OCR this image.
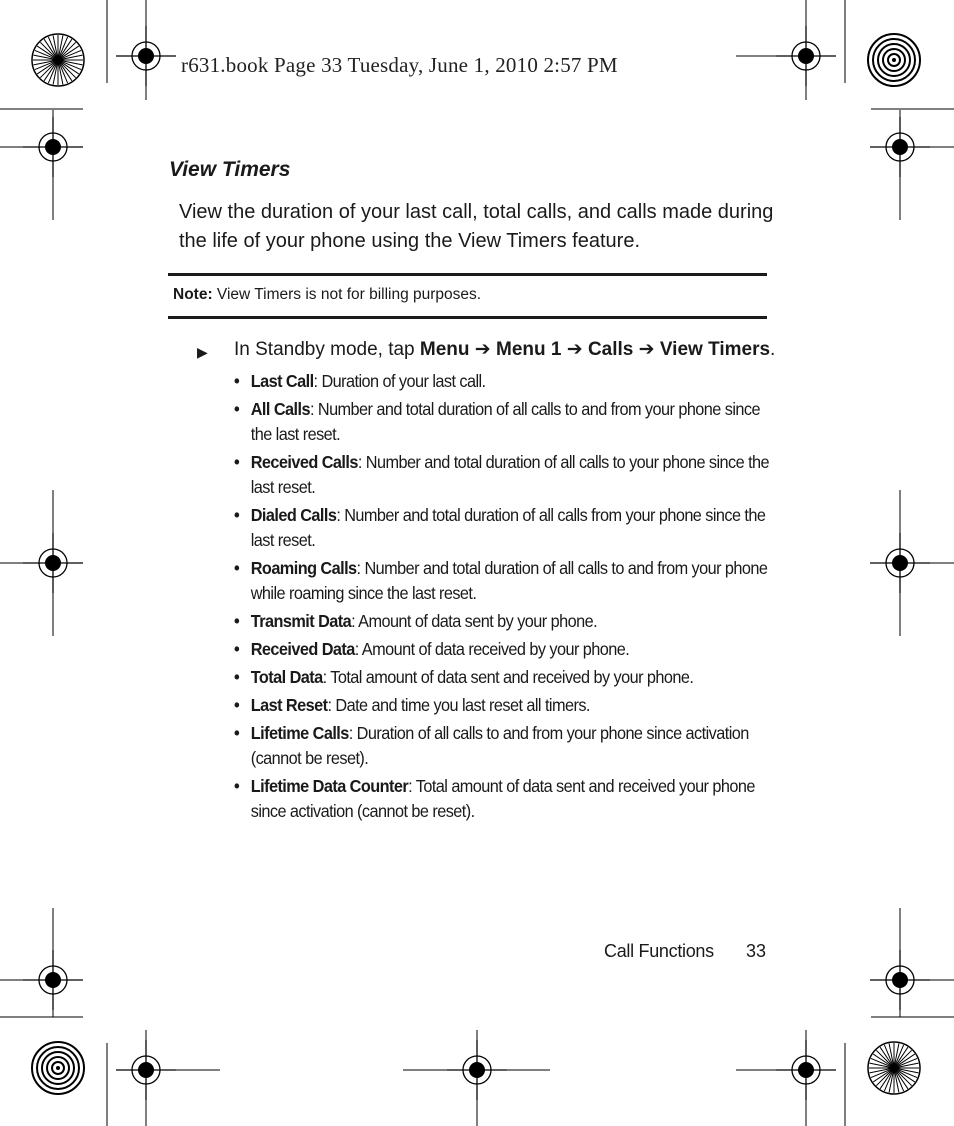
r631.book Page 33 Tuesday, June 1, 2010 2:57 PM
View Timers
View the duration of your last call, total calls, and calls made during the life of your phone using the View Timers feature.
Note: View Timers is not for billing purposes.
▶ In Standby mode, tap Menu ➔ Menu 1 ➔ Calls ➔ View Timers.
• Last Call: Duration of your last call.
• All Calls: Number and total duration of all calls to and from your phone since the last reset.
• Received Calls: Number and total duration of all calls to your phone since the last reset.
• Dialed Calls: Number and total duration of all calls from your phone since the last reset.
• Roaming Calls: Number and total duration of all calls to and from your phone while roaming since the last reset.
• Transmit Data: Amount of data sent by your phone.
• Received Data: Amount of data received by your phone.
• Total Data: Total amount of data sent and received by your phone.
• Last Reset: Date and time you last reset all timers.
• Lifetime Calls: Duration of all calls to and from your phone since activation (cannot be reset).
• Lifetime Data Counter: Total amount of data sent and received your phone since activation (cannot be reset).
Call Functions 33
